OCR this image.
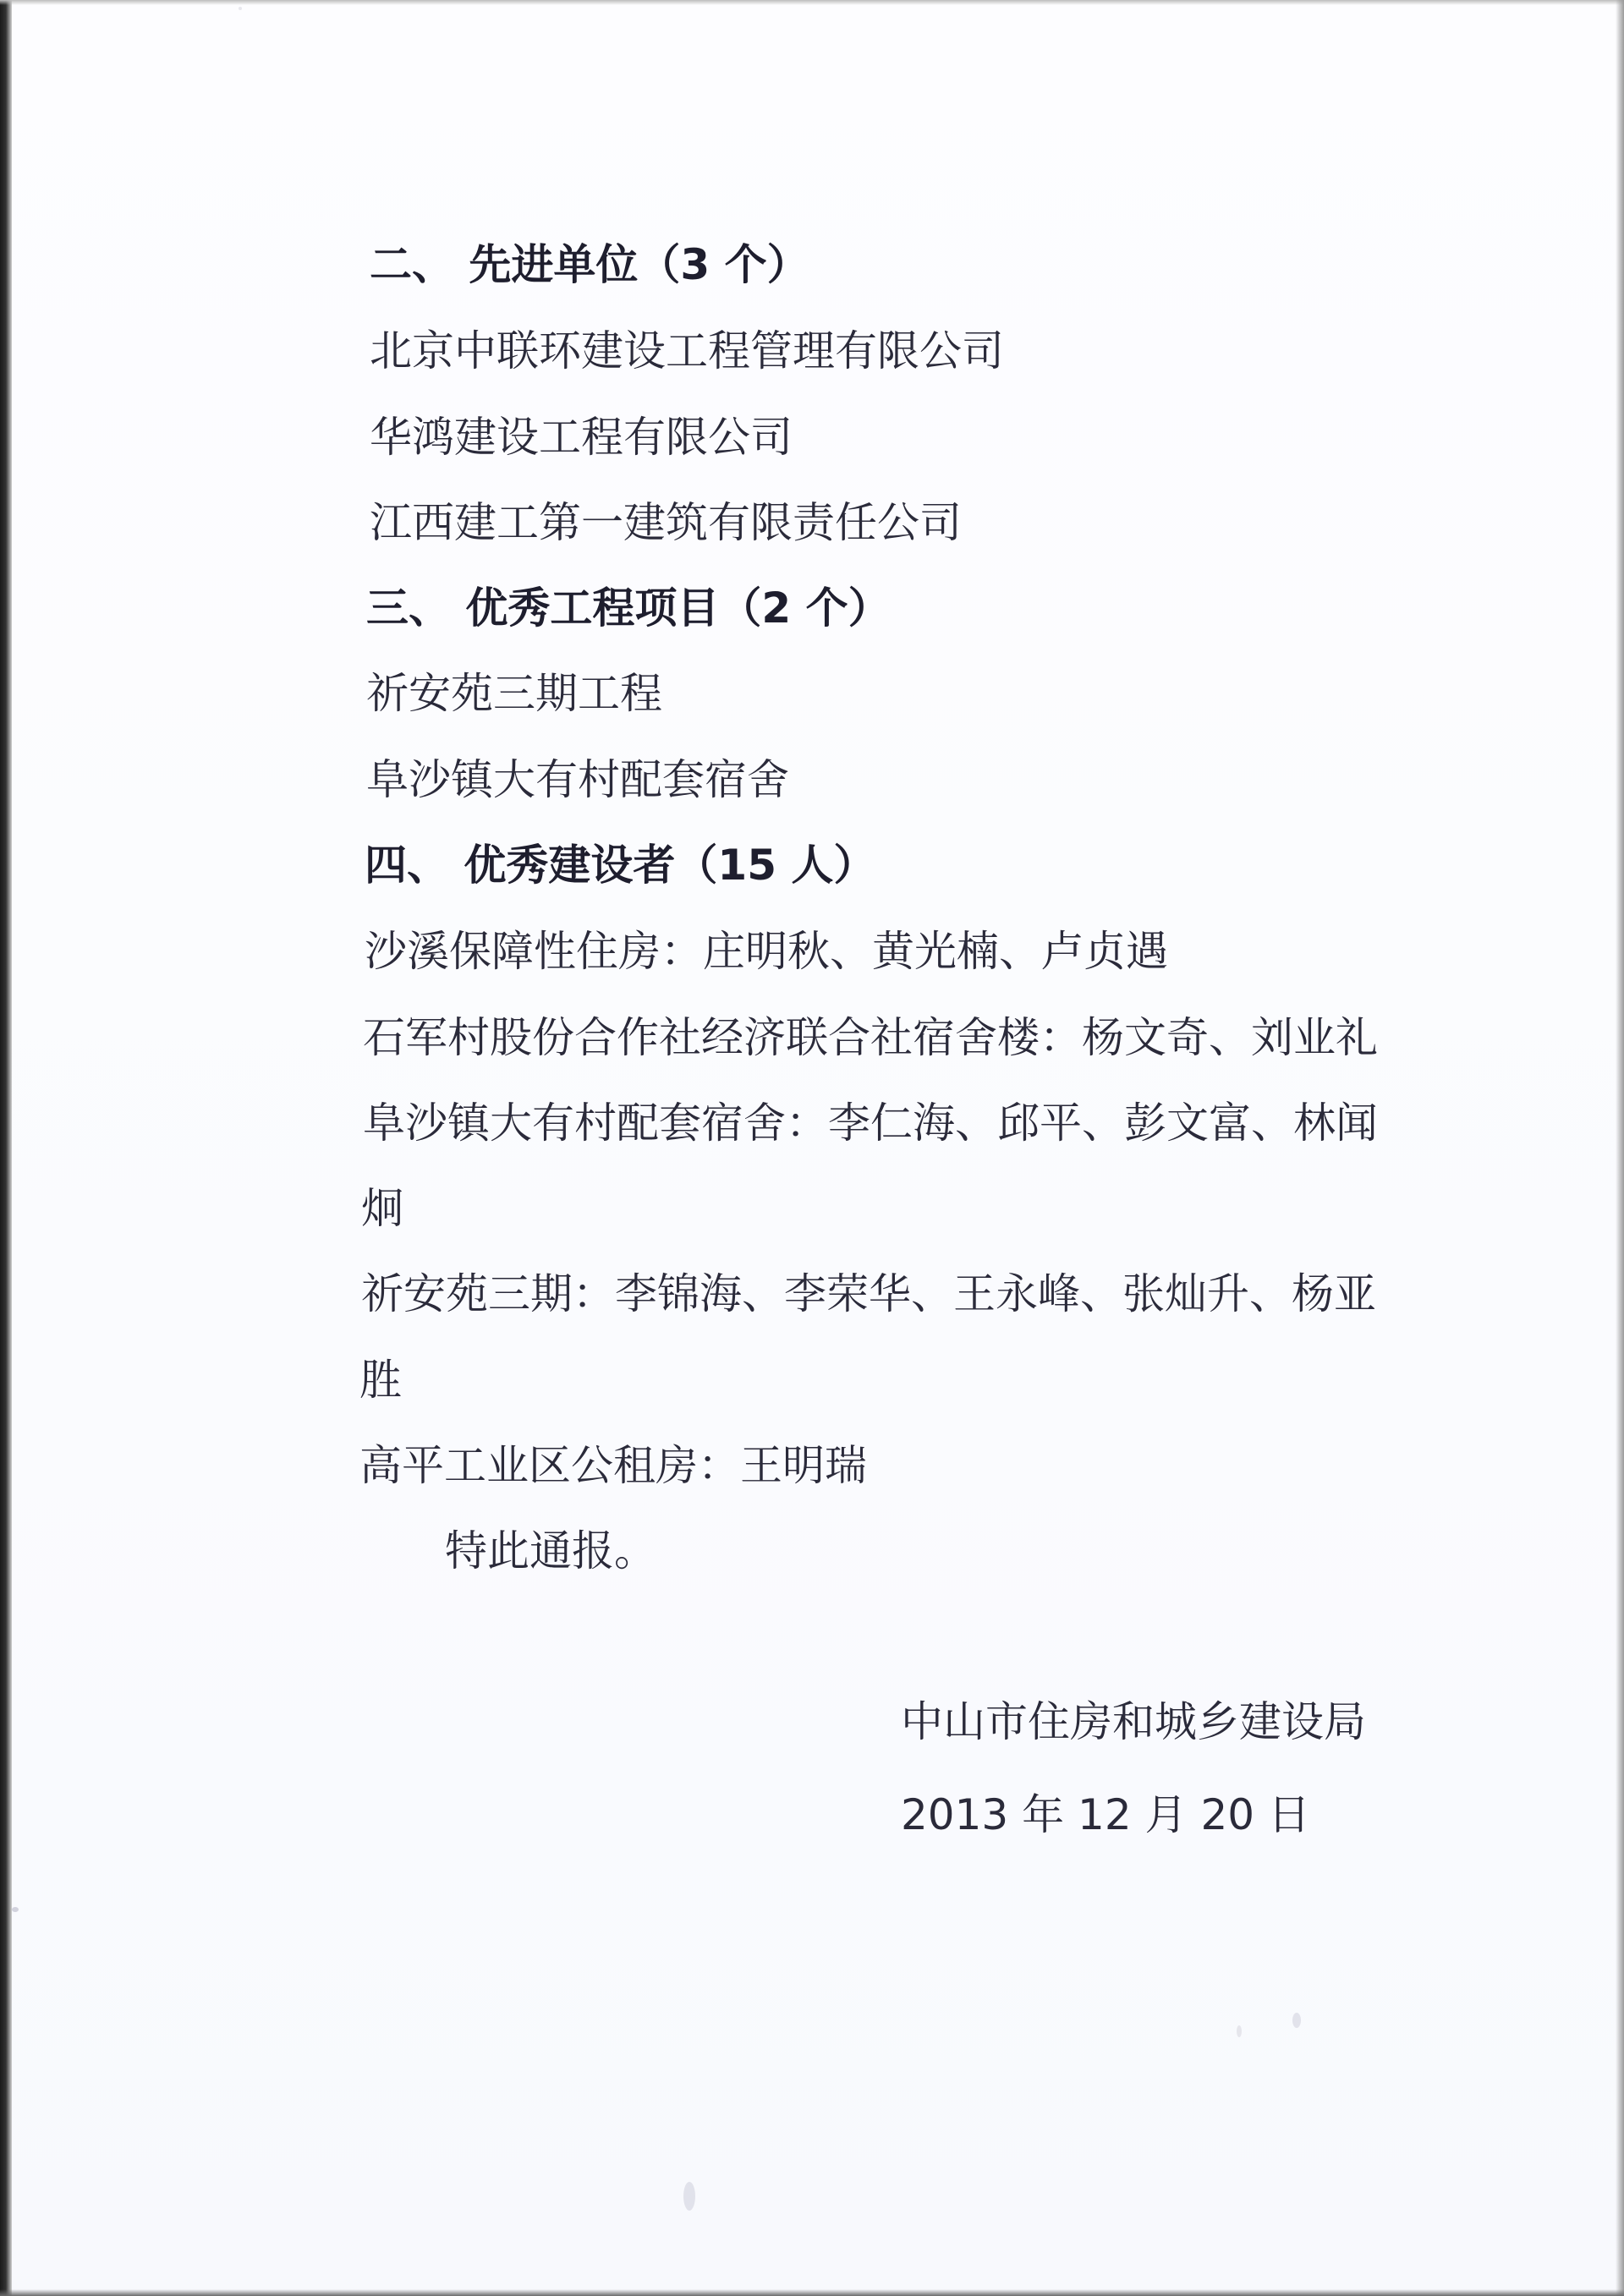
二、 先进单位（3 个）
北京中联环建设工程管理有限公司
华鸿建设工程有限公司
江西建工第一建筑有限责任公司
三、 优秀工程项目（2 个）
祈安苑三期工程
阜沙镇大有村配套宿舍
四、 优秀建设者（15 人）
沙溪保障性住房：庄明秋、黄光楠、卢贞遇
石军村股份合作社经济联合社宿舍楼：杨文奇、刘业礼
阜沙镇大有村配套宿舍：李仁海、邱平、彭文富、林闻
炯
祈安苑三期：李锦海、李荣华、王永峰、张灿升、杨亚
胜
高平工业区公租房：王明瑞
特此通报。
中山市住房和城乡建设局
2013 年 12 月 20 日
